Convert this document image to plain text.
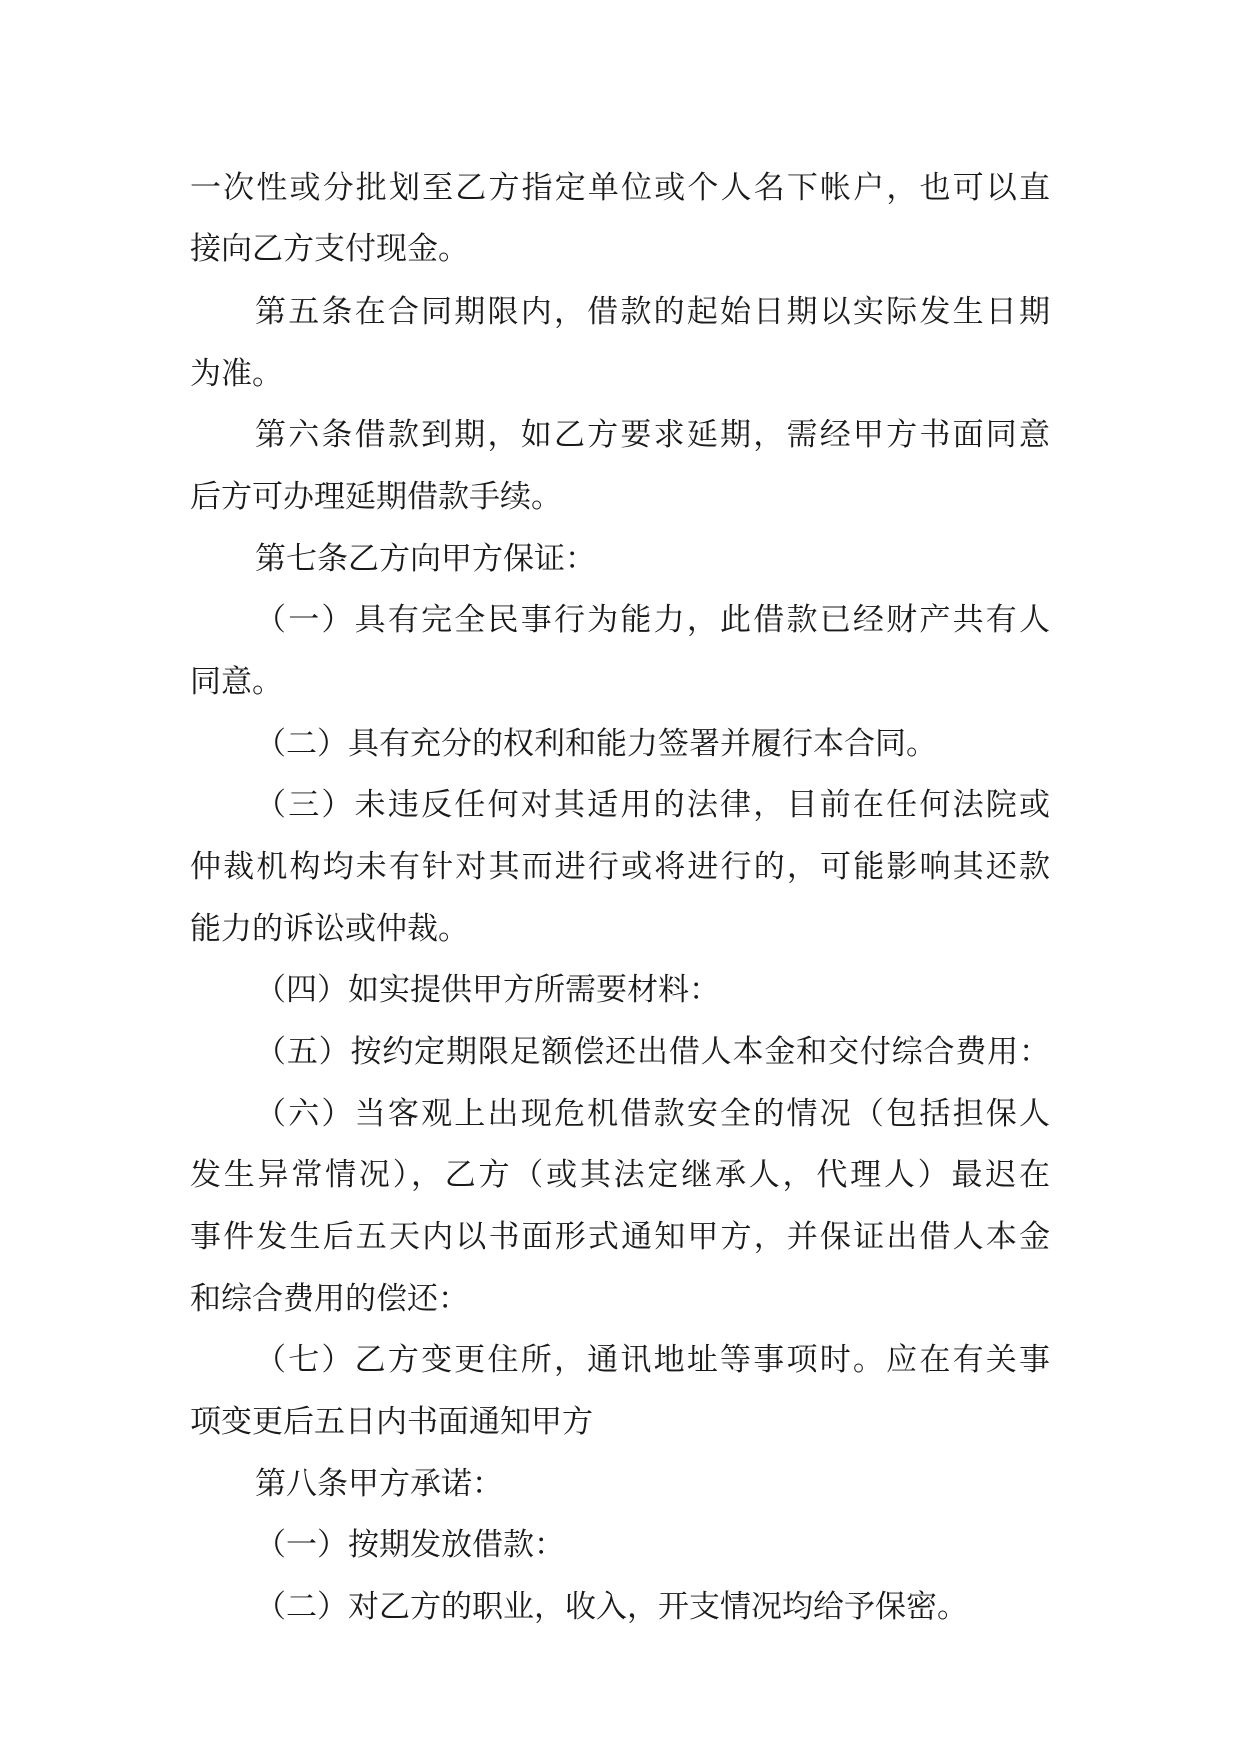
一次性或分批划至乙方指定单位或个人名下帐户，也可以直
接向乙方支付现金。
第五条在合同期限内，借款的起始日期以实际发生日期
为准。
第六条借款到期，如乙方要求延期，需经甲方书面同意
后方可办理延期借款手续。
第七条乙方向甲方保证：
（一）具有完全民事行为能力，此借款已经财产共有人
同意。
（二）具有充分的权利和能力签署并履行本合同。
（三）未违反任何对其适用的法律，目前在任何法院或
仲裁机构均未有针对其而进行或将进行的，可能影响其还款
能力的诉讼或仲裁。
（四）如实提供甲方所需要材料：
（五）按约定期限足额偿还出借人本金和交付综合费用：
（六）当客观上出现危机借款安全的情况（包括担保人
发生异常情况），乙方（或其法定继承人，代理人）最迟在
事件发生后五天内以书面形式通知甲方，并保证出借人本金
和综合费用的偿还：
（七）乙方变更住所，通讯地址等事项时。应在有关事
项变更后五日内书面通知甲方
第八条甲方承诺：
（一）按期发放借款：
（二）对乙方的职业，收入，开支情况均给予保密。
